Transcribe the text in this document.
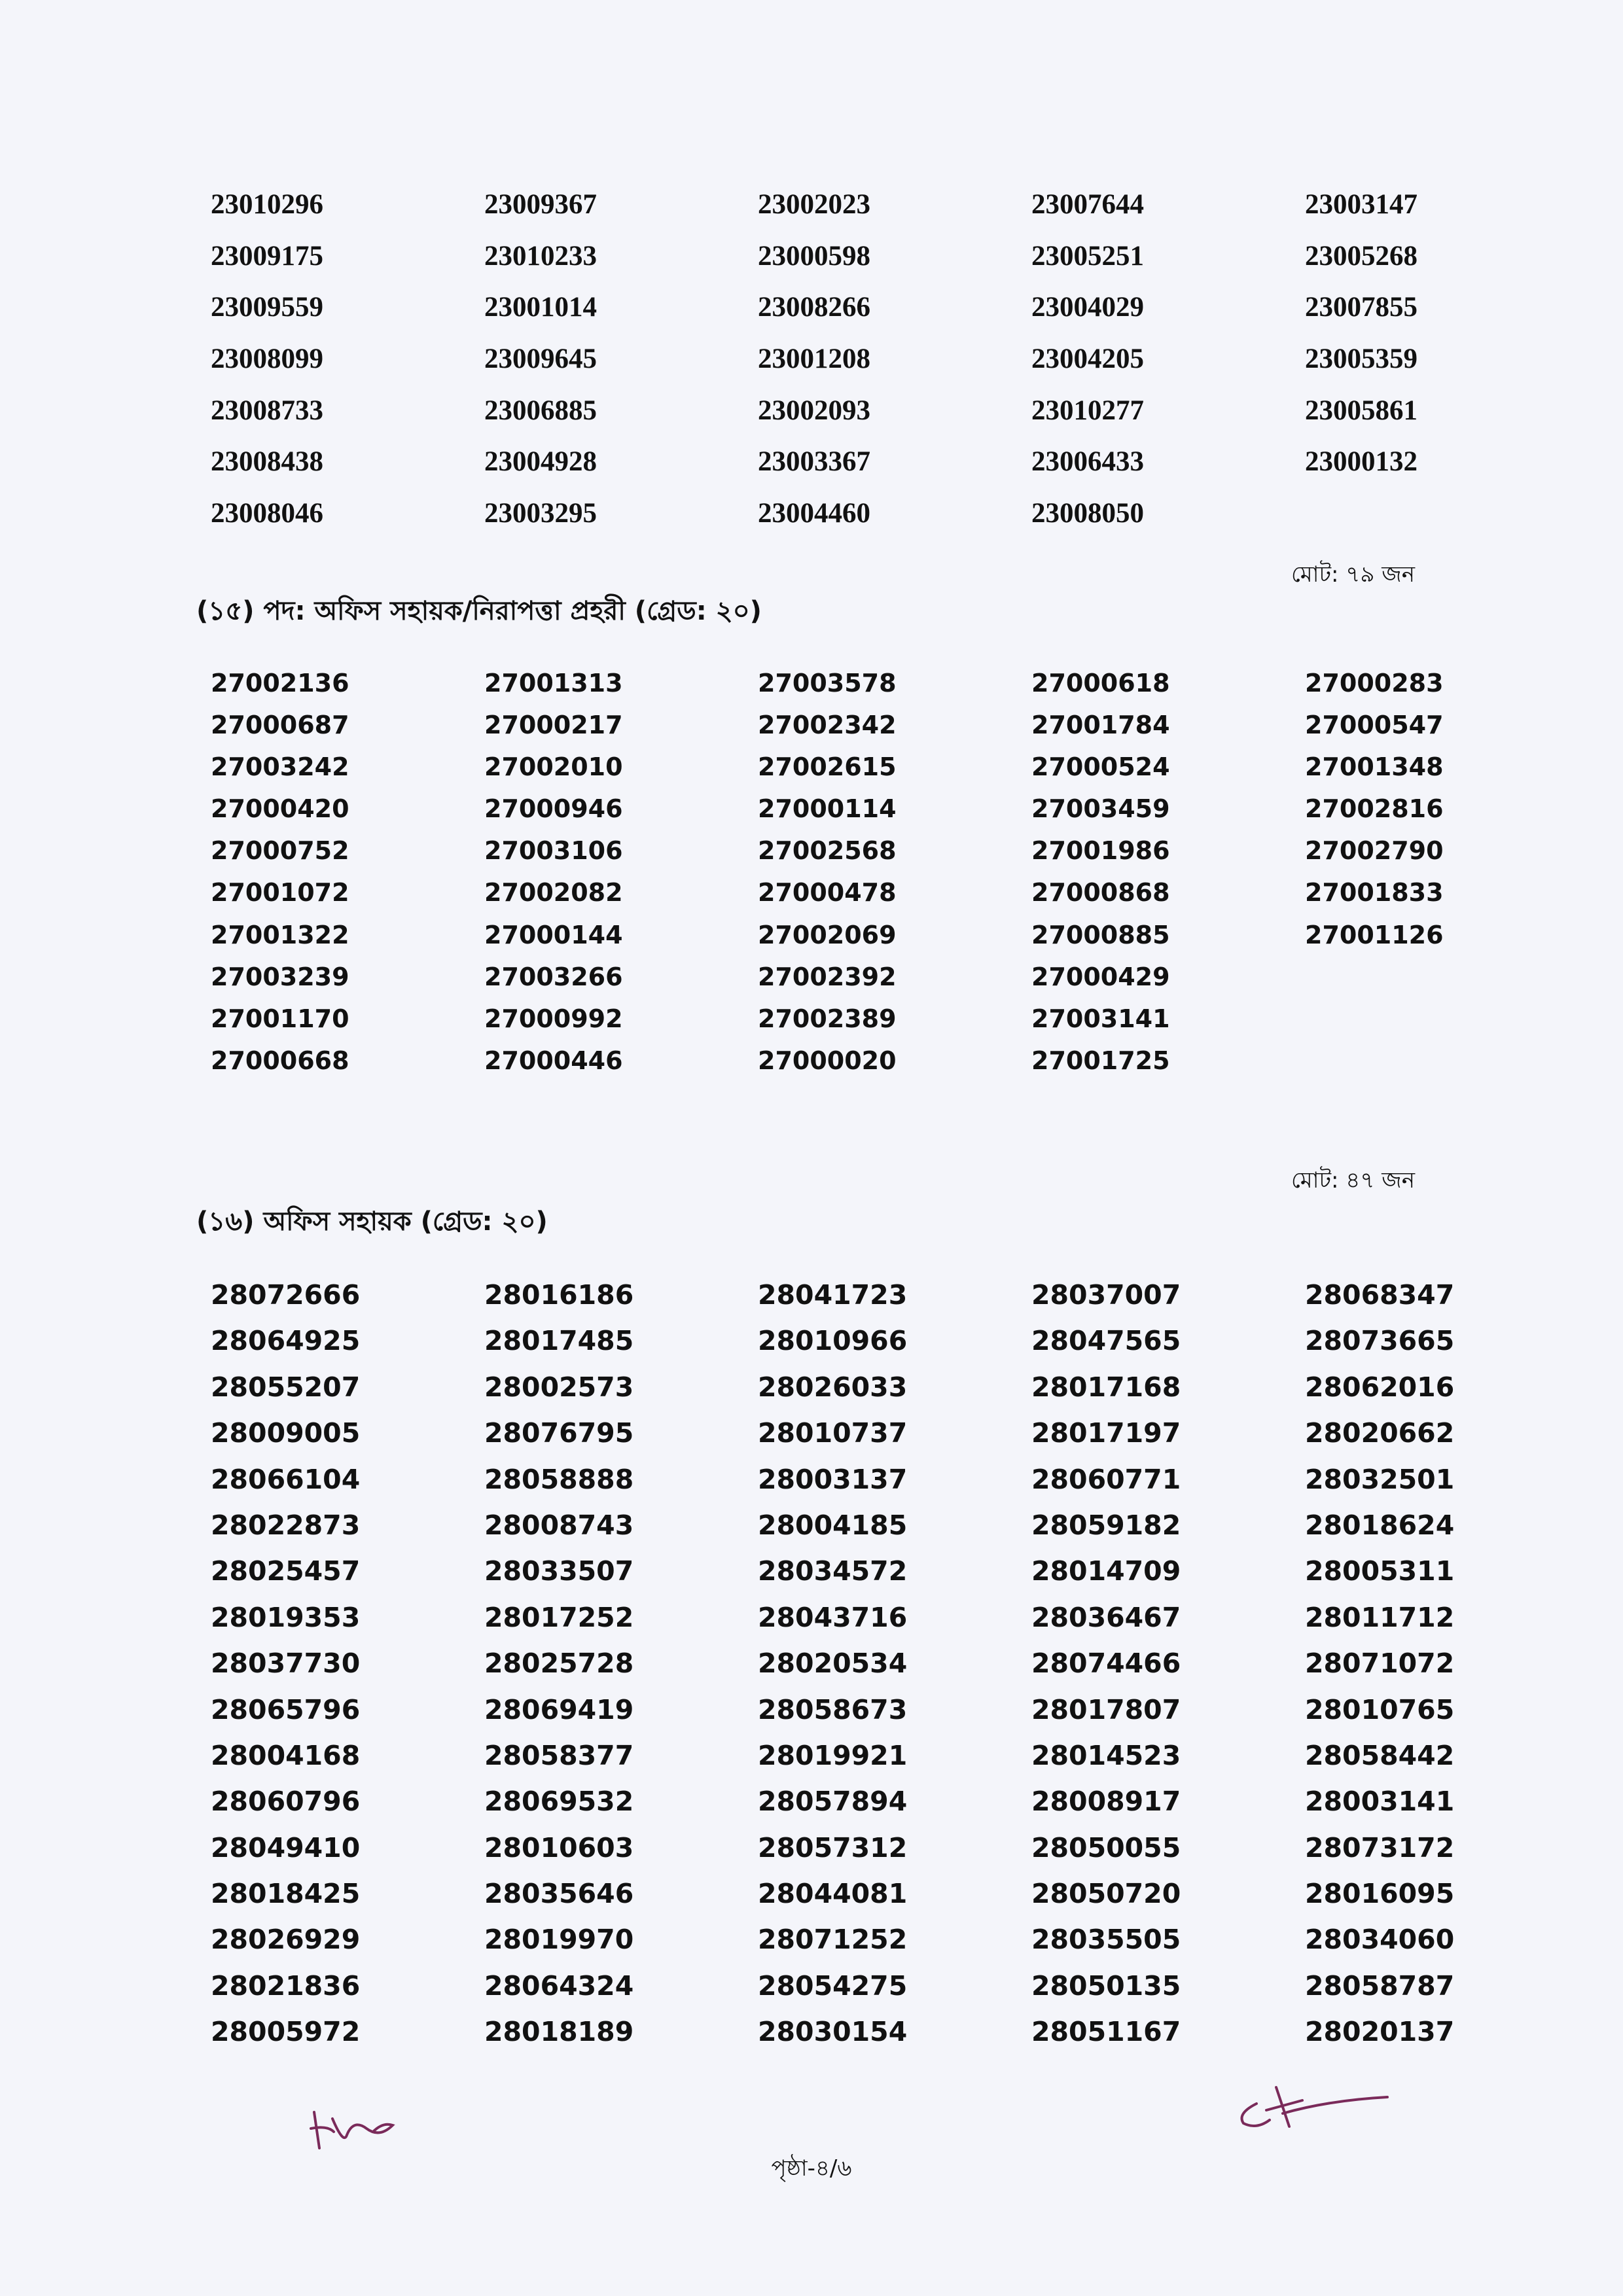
23010296	23009367	23002023	23007644	23003147
23009175	23010233	23000598	23005251	23005268
23009559	23001014	23008266	23004029	23007855
23008099	23009645	23001208	23004205	23005359
23008733	23006885	23002093	23010277	23005861
23008438	23004928	23003367	23006433	23000132
23008046	23003295	23004460	23008050
মোট: ৭৯ জন
(১৫) পদ: অফিস সহায়ক/নিরাপত্তা প্রহরী (গ্রেড: ২০)
27002136	27001313	27003578	27000618	27000283
27000687	27000217	27002342	27001784	27000547
27003242	27002010	27002615	27000524	27001348
27000420	27000946	27000114	27003459	27002816
27000752	27003106	27002568	27001986	27002790
27001072	27002082	27000478	27000868	27001833
27001322	27000144	27002069	27000885	27001126
27003239	27003266	27002392	27000429
27001170	27000992	27002389	27003141
27000668	27000446	27000020	27001725
মোট: ৪৭ জন
(১৬) অফিস সহায়ক (গ্রেড: ২০)
28072666	28016186	28041723	28037007	28068347
28064925	28017485	28010966	28047565	28073665
28055207	28002573	28026033	28017168	28062016
28009005	28076795	28010737	28017197	28020662
28066104	28058888	28003137	28060771	28032501
28022873	28008743	28004185	28059182	28018624
28025457	28033507	28034572	28014709	28005311
28019353	28017252	28043716	28036467	28011712
28037730	28025728	28020534	28074466	28071072
28065796	28069419	28058673	28017807	28010765
28004168	28058377	28019921	28014523	28058442
28060796	28069532	28057894	28008917	28003141
28049410	28010603	28057312	28050055	28073172
28018425	28035646	28044081	28050720	28016095
28026929	28019970	28071252	28035505	28034060
28021836	28064324	28054275	28050135	28058787
28005972	28018189	28030154	28051167	28020137
পৃষ্ঠা-৪/৬
